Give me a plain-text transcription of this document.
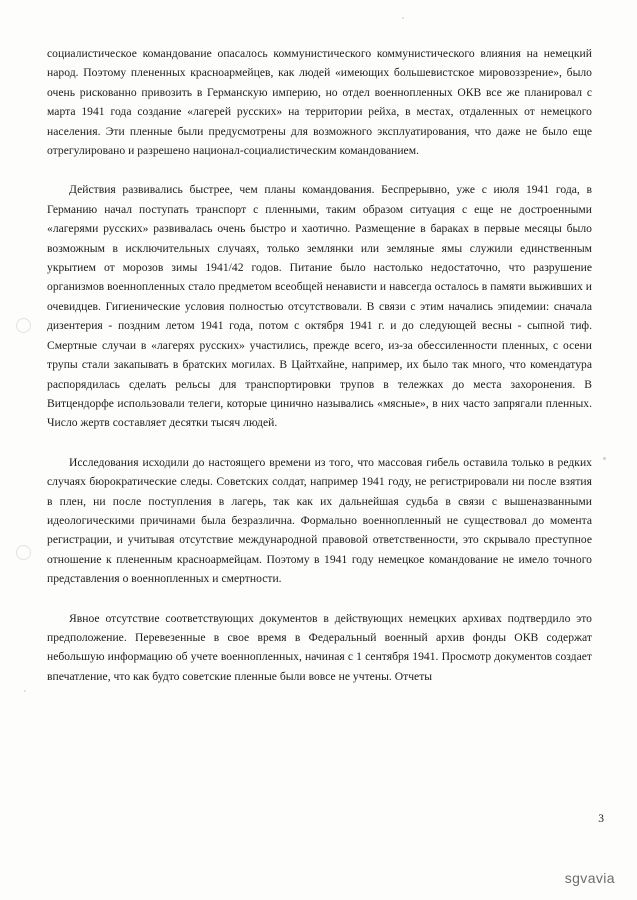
социалистическое командование опасалось коммунистического коммунистического влияния на немецкий народ. Поэтому плененных красноармейцев, как людей «имеющих большевистское мировоззрение», было очень рискованно привозить в Германскую империю, но отдел военнопленных ОКВ все же планировал с марта 1941 года создание «лагерей русских» на территории рейха, в местах, отдаленных от немецкого населения. Эти пленные были предусмотрены для возможного эксплуатирования, что даже не было еще отрегулировано и разрешено национал-социалистическим командованием.

Действия развивались быстрее, чем планы командования. Беспрерывно, уже с июля 1941 года, в Германию начал поступать транспорт с пленными, таким образом ситуация с еще не достроенными «лагерями русских» развивалась очень быстро и хаотично. Размещение в бараках в первые месяцы было возможным в исключительных случаях, только землянки или земляные ямы служили единственным укрытием от морозов зимы 1941/42 годов. Питание было настолько недостаточно, что разрушение организмов военнопленных стало предметом всеобщей ненависти и навсегда осталось в памяти выживших и очевидцев. Гигиенические условия полностью отсутствовали. В связи с этим начались эпидемии: сначала дизентерия - поздним летом 1941 года, потом с октября 1941 г. и до следующей весны - сыпной тиф. Смертные случаи в «лагерях русских» участились, прежде всего, из-за обессиленности пленных, с осени трупы стали закапывать в братских могилах. В Цайтхайне, например, их было так много, что комендатура распорядилась сделать рельсы для транспортировки трупов в тележках до места захоронения. В Витцендорфе использовали телеги, которые цинично назывались «мясные», в них часто запрягали пленных. Число жертв составляет десятки тысяч людей.

Исследования исходили до настоящего времени из того, что массовая гибель оставила только в редких случаях бюрократические следы. Советских солдат, например 1941 году, не регистрировали ни после взятия в плен, ни после поступления в лагерь, так как их дальнейшая судьба в связи с вышеназванными идеологическими причинами была безразлична. Формально военнопленный не существовал до момента регистрации, и учитывая отсутствие международной правовой ответственности, это скрывало преступное отношение к плененным красноармейцам. Поэтому в 1941 году немецкое командование не имело точного представления о военнопленных и смертности.

Явное отсутствие соответствующих документов в действующих немецких архивах подтвердило это предположение. Перевезенные в свое время в Федеральный военный архив фонды ОКВ содержат небольшую информацию об учете военнопленных, начиная с 1 сентября 1941. Просмотр документов создает впечатление, что как будто советские пленные были вовсе не учтены. Отчеты

3
sgvavia
